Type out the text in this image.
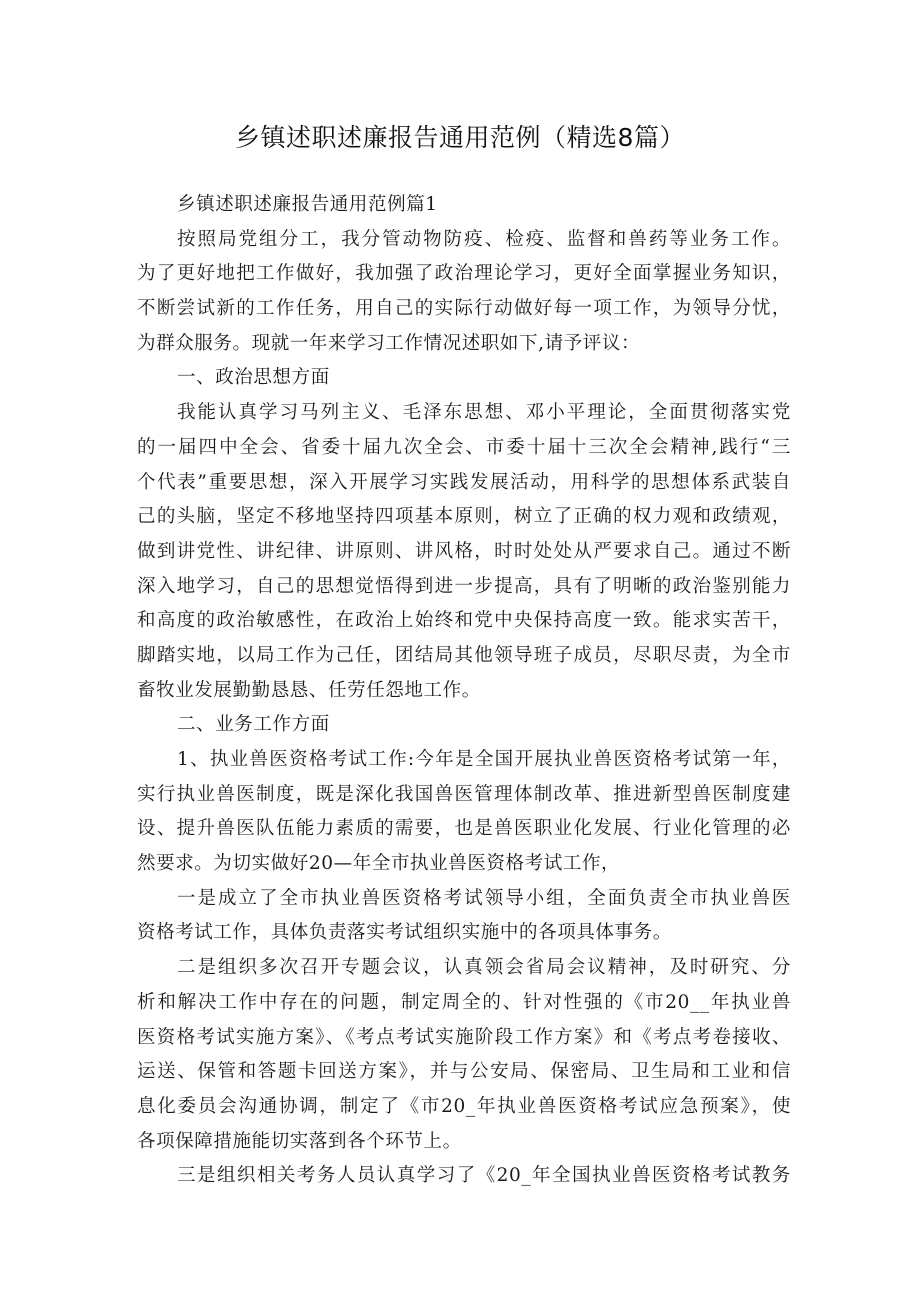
乡镇述职述廉报告通用范例（精选8篇）
乡镇述职述廉报告通用范例篇1
按照局党组分工，我分管动物防疫、检疫、监督和兽药等业务工作。
为了更好地把工作做好，我加强了政治理论学习，更好全面掌握业务知识，
不断尝试新的工作任务，用自己的实际行动做好每一项工作，为领导分忧，
为群众服务。现就一年来学习工作情况述职如下,请予评议：
一、政治思想方面
我能认真学习马列主义、毛泽东思想、邓小平理论，全面贯彻落实党
的一届四中全会、省委十届九次全会、市委十届十三次全会精神,践行“三
个代表”重要思想，深入开展学习实践发展活动，用科学的思想体系武装自
己的头脑，坚定不移地坚持四项基本原则，树立了正确的权力观和政绩观，
做到讲党性、讲纪律、讲原则、讲风格，时时处处从严要求自己。通过不断
深入地学习，自己的思想觉悟得到进一步提高，具有了明晰的政治鉴别能力
和高度的政治敏感性，在政治上始终和党中央保持高度一致。能求实苦干，
脚踏实地，以局工作为己任，团结局其他领导班子成员，尽职尽责，为全市
畜牧业发展勤勤恳恳、任劳任怨地工作。
二、业务工作方面
1、执业兽医资格考试工作:今年是全国开展执业兽医资格考试第一年，
实行执业兽医制度，既是深化我国兽医管理体制改革、推进新型兽医制度建
设、提升兽医队伍能力素质的需要，也是兽医职业化发展、行业化管理的必
然要求。为切实做好20—年全市执业兽医资格考试工作，
一是成立了全市执业兽医资格考试领导小组，全面负责全市执业兽医
资格考试工作，具体负责落实考试组织实施中的各项具体事务。
二是组织多次召开专题会议，认真领会省局会议精神，及时研究、分
析和解决工作中存在的问题，制定周全的、针对性强的《市20__年执业兽
医资格考试实施方案》、《考点考试实施阶段工作方案》和《考点考卷接收、
运送、保管和答题卡回送方案》，并与公安局、保密局、卫生局和工业和信
息化委员会沟通协调，制定了《市20_年执业兽医资格考试应急预案》，使
各项保障措施能切实落到各个环节上。
三是组织相关考务人员认真学习了《20_年全国执业兽医资格考试教务
